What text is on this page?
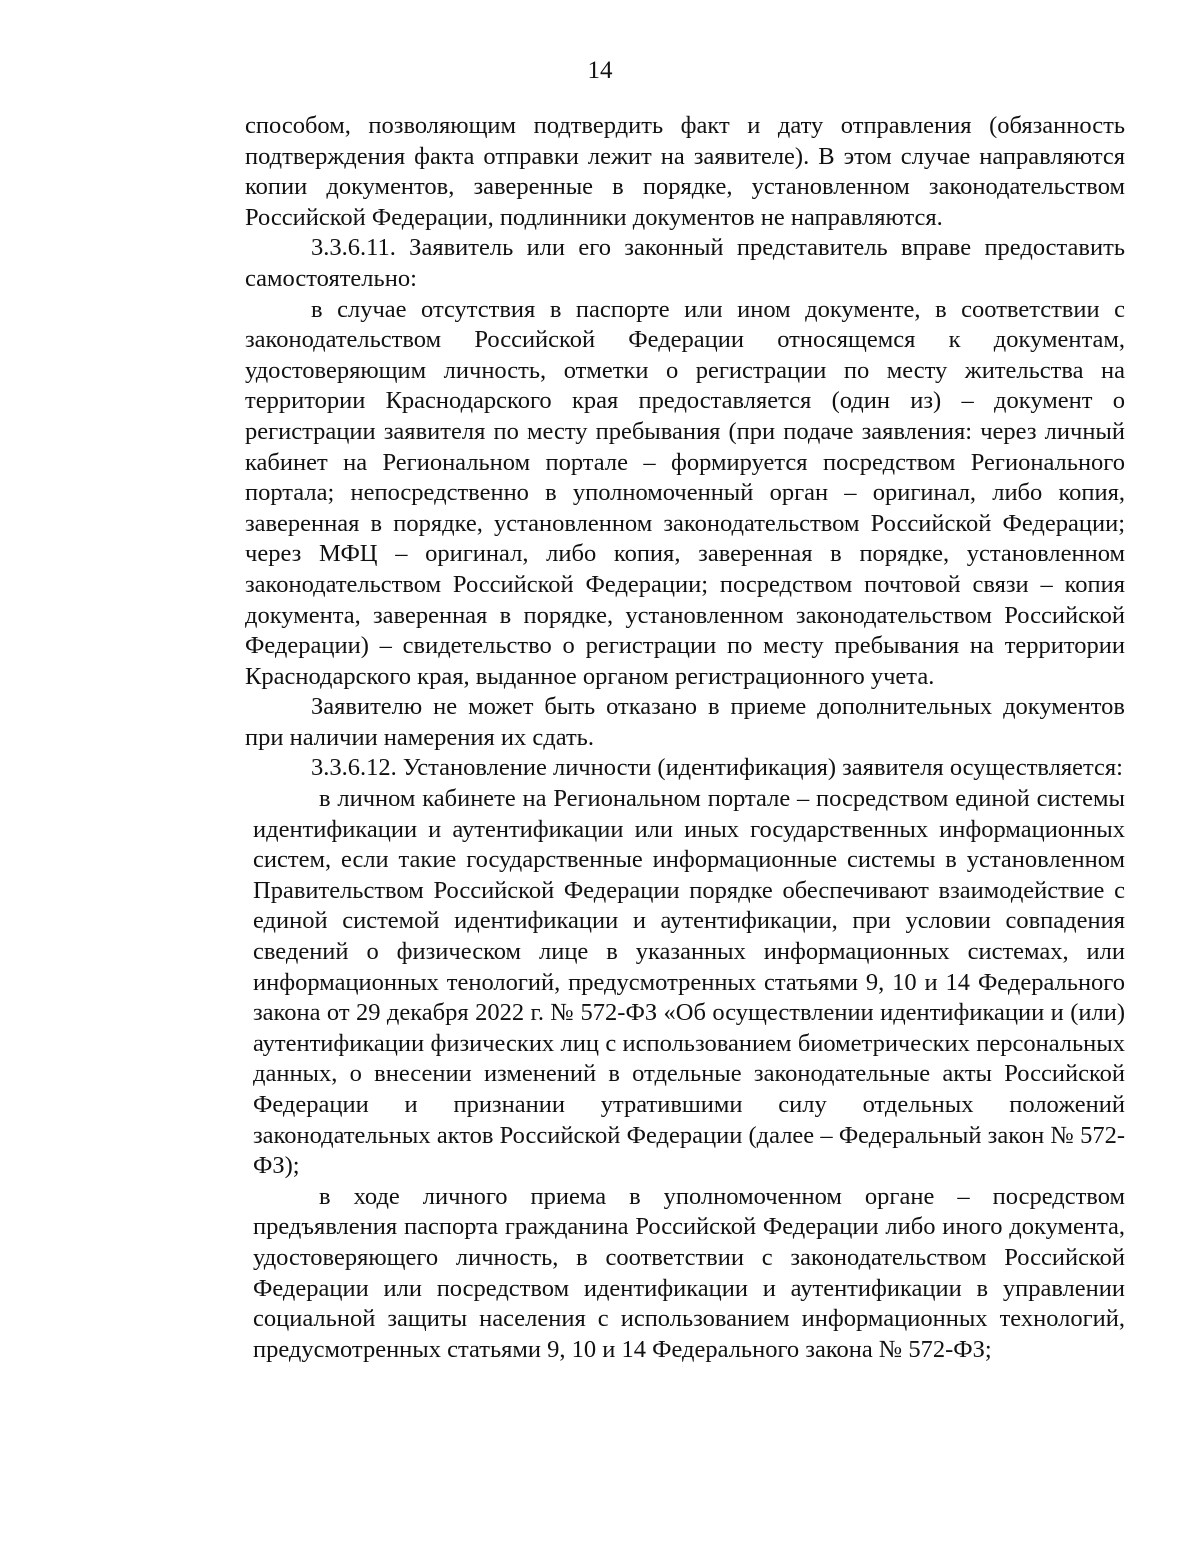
14

способом, позволяющим подтвердить факт и дату отправления (обязанность подтверждения факта отправки лежит на заявителе). В этом случае направляются копии документов, заверенные в порядке, установленном законодательством Российской Федерации, подлинники документов не направляются.

3.3.6.11. Заявитель или его законный представитель вправе предоставить самостоятельно:

в случае отсутствия в паспорте или ином документе, в соответствии с законодательством Российской Федерации относящемся к документам, удостоверяющим личность, отметки о регистрации по месту жительства на территории Краснодарского края предоставляется (один из) – документ о регистрации заявителя по месту пребывания (при подаче заявления: через личный кабинет на Региональном портале – формируется посредством Регионального портала; непосредственно в уполномоченный орган – оригинал, либо копия, заверенная в порядке, установленном законодательством Российской Федерации; через МФЦ – оригинал, либо копия, заверенная в порядке, установленном законодательством Российской Федерации; посредством почтовой связи – копия документа, заверенная в порядке, установленном законодательством Российской Федерации) – свидетельство о регистрации по месту пребывания на территории Краснодарского края, выданное органом регистрационного учета.

Заявителю не может быть отказано в приеме дополнительных документов при наличии намерения их сдать.

3.3.6.12. Установление личности (идентификация) заявителя осуществляется:

в личном кабинете на Региональном портале – посредством единой системы идентификации и аутентификации или иных государственных информационных систем, если такие государственные информационные системы в установленном Правительством Российской Федерации порядке обеспечивают взаимодействие с единой системой идентификации и аутентификации, при условии совпадения сведений о физическом лице в указанных информационных системах, или информационных тенологий, предусмотренных статьями 9, 10 и 14 Федерального закона от 29 декабря 2022 г. № 572-ФЗ «Об осуществлении идентификации и (или) аутентификации физических лиц с использованием биометрических персональных данных, о внесении изменений в отдельные законодательные акты Российской Федерации и признании утратившими силу отдельных положений законодательных актов Российской Федерации (далее – Федеральный закон № 572-ФЗ);

в ходе личного приема в уполномоченном органе – посредством предъявления паспорта гражданина Российской Федерации либо иного документа, удостоверяющего личность, в соответствии с законодательством Российской Федерации или посредством идентификации и аутентификации в управлении социальной защиты населения с использованием информационных технологий, предусмотренных статьями 9, 10 и 14 Федерального закона № 572-ФЗ;
